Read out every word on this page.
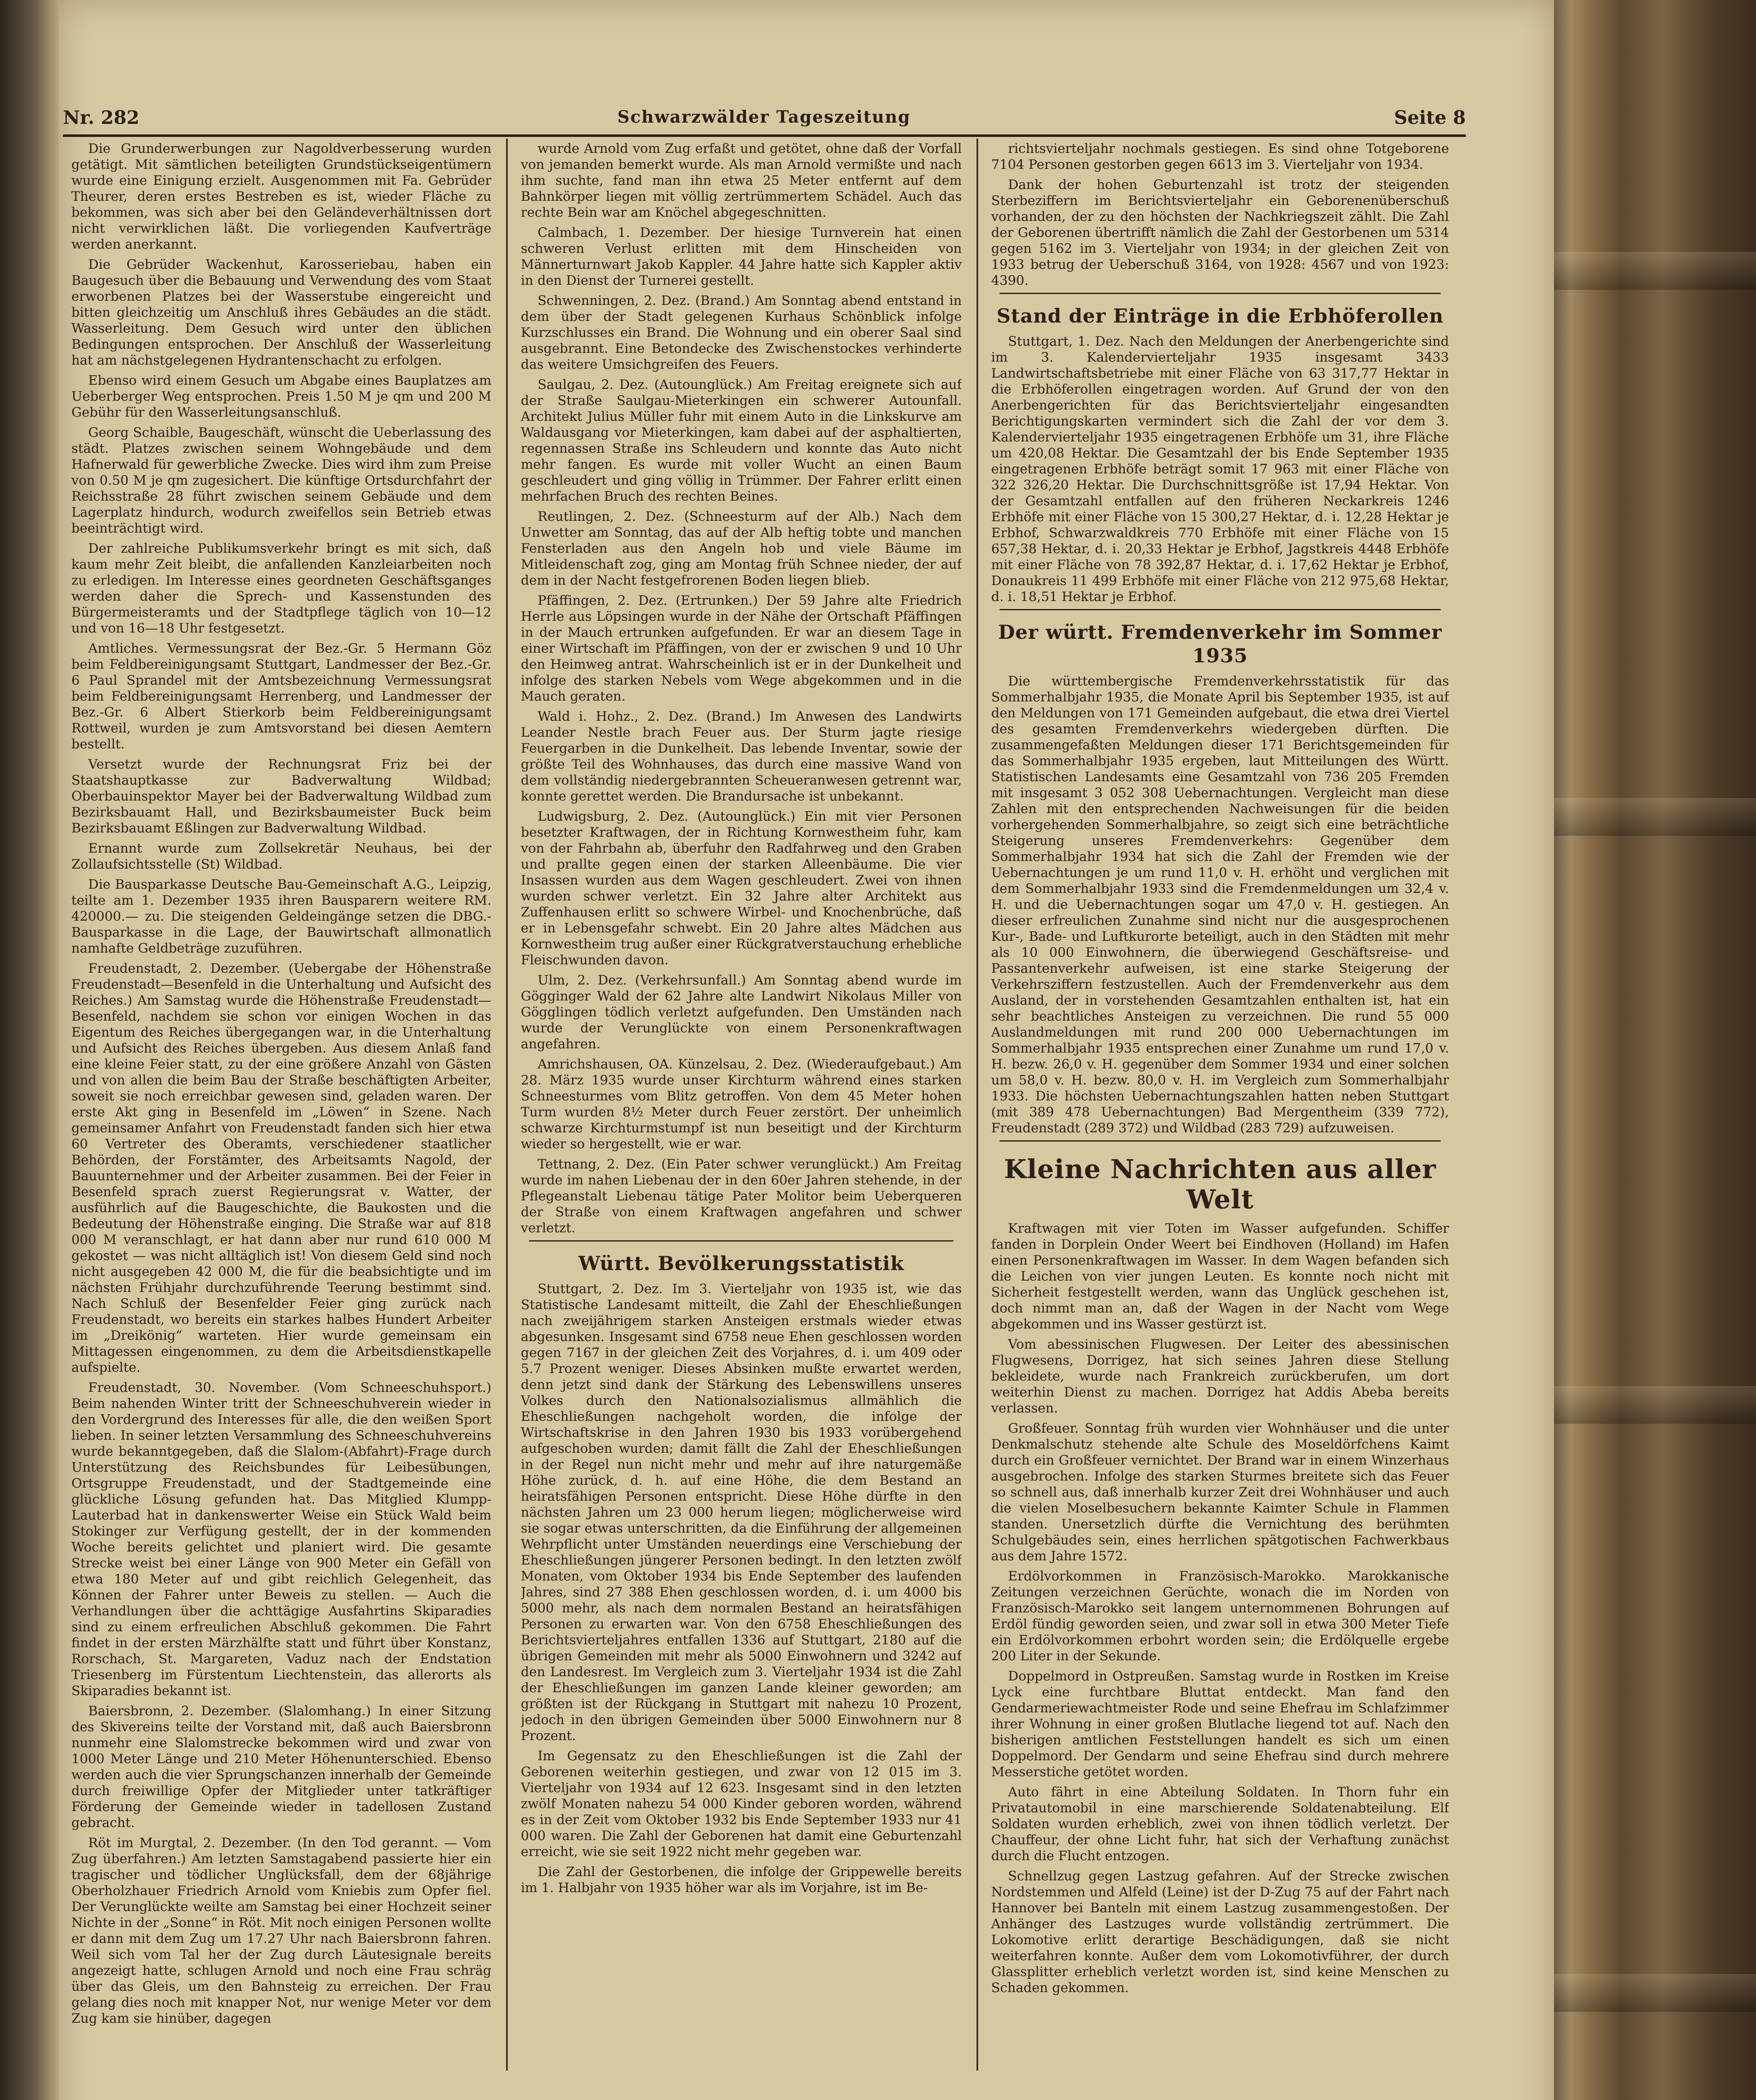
Nr. 282	Schwarzwälder Tageszeitung	Seite 8

Die Grunderwerbungen zur Nagoldverbesserung wurden getätigt. Mit sämtlichen beteiligten Grundstückseigentümern wurde eine Einigung erzielt. Ausgenommen mit Fa. Gebrüder Theurer, deren erstes Bestreben es ist, wieder Fläche zu bekommen, was sich aber bei den Geländeverhältnissen dort nicht verwirklichen läßt. Die vorliegenden Kaufverträge werden anerkannt.

Die Gebrüder Wackenhut, Karosseriebau, haben ein Baugesuch über die Bebauung und Verwendung des vom Staat erworbenen Platzes bei der Wasserstube eingereicht und bitten gleichzeitig um Anschluß ihres Gebäudes an die städt. Wasserleitung. Dem Gesuch wird unter den üblichen Bedingungen entsprochen. Der Anschluß der Wasserleitung hat am nächstgelegenen Hydrantenschacht zu erfolgen.

Ebenso wird einem Gesuch um Abgabe eines Bauplatzes am Ueberberger Weg entsprochen. Preis 1.50 M je qm und 200 M Gebühr für den Wasserleitungsanschluß.

Georg Schaible, Baugeschäft, wünscht die Ueberlassung des städt. Platzes zwischen seinem Wohngebäude und dem Hafnerwald für gewerbliche Zwecke. Dies wird ihm zum Preise von 0.50 M je qm zugesichert. Die künftige Ortsdurchfahrt der Reichsstraße 28 führt zwischen seinem Gebäude und dem Lagerplatz hindurch, wodurch zweifellos sein Betrieb etwas beeinträchtigt wird.

Der zahlreiche Publikumsverkehr bringt es mit sich, daß kaum mehr Zeit bleibt, die anfallenden Kanzleiarbeiten noch zu erledigen. Im Interesse eines geordneten Geschäftsganges werden daher die Sprech- und Kassenstunden des Bürgermeisteramts und der Stadtpflege täglich von 10—12 und von 16—18 Uhr festgesetzt.

Amtliches. Vermessungsrat der Bez.-Gr. 5 Hermann Göz beim Feldbereinigungsamt Stuttgart, Landmesser der Bez.-Gr. 6 Paul Sprandel mit der Amtsbezeichnung Vermessungsrat beim Feldbereinigungsamt Herrenberg, und Landmesser der Bez.-Gr. 6 Albert Stierkorb beim Feldbereinigungsamt Rottweil, wurden je zum Amtsvorstand bei diesen Aemtern bestellt.

Versetzt wurde der Rechnungsrat Friz bei der Staatshauptkasse zur Badverwaltung Wildbad; Oberbauinspektor Mayer bei der Badverwaltung Wildbad zum Bezirksbauamt Hall, und Bezirksbaumeister Buck beim Bezirksbauamt Eßlingen zur Badverwaltung Wildbad.

Ernannt wurde zum Zollsekretär Neuhaus, bei der Zollaufsichtsstelle (St) Wildbad.

Die Bausparkasse Deutsche Bau-Gemeinschaft A.G., Leipzig, teilte am 1. Dezember 1935 ihren Bausparern weitere RM. 420000.— zu. Die steigenden Geldeingänge setzen die DBG.-Bausparkasse in die Lage, der Bauwirtschaft allmonatlich namhafte Geldbeträge zuzuführen.

Freudenstadt, 2. Dezember. (Uebergabe der Höhenstraße Freudenstadt—Besenfeld in die Unterhaltung und Aufsicht des Reiches.) Am Samstag wurde die Höhenstraße Freudenstadt—Besenfeld, nachdem sie schon vor einigen Wochen in das Eigentum des Reiches übergegangen war, in die Unterhaltung und Aufsicht des Reiches übergeben. Aus diesem Anlaß fand eine kleine Feier statt, zu der eine größere Anzahl von Gästen und von allen die beim Bau der Straße beschäftigten Arbeiter, soweit sie noch erreichbar gewesen sind, geladen waren. Der erste Akt ging in Besenfeld im „Löwen“ in Szene. Nach gemeinsamer Anfahrt von Freudenstadt fanden sich hier etwa 60 Vertreter des Oberamts, verschiedener staatlicher Behörden, der Forstämter, des Arbeitsamts Nagold, der Bauunternehmer und der Arbeiter zusammen. Bei der Feier in Besenfeld sprach zuerst Regierungsrat v. Watter, der ausführlich auf die Baugeschichte, die Baukosten und die Bedeutung der Höhenstraße einging. Die Straße war auf 818 000 M veranschlagt, er hat dann aber nur rund 610 000 M gekostet — was nicht alltäglich ist! Von diesem Geld sind noch nicht ausgegeben 42 000 M, die für die beabsichtigte und im nächsten Frühjahr durchzuführende Teerung bestimmt sind. Nach Schluß der Besenfelder Feier ging zurück nach Freudenstadt, wo bereits ein starkes halbes Hundert Arbeiter im „Dreikönig“ warteten. Hier wurde gemeinsam ein Mittagessen eingenommen, zu dem die Arbeitsdienstkapelle aufspielte.

Freudenstadt, 30. November. (Vom Schneeschuhsport.) Beim nahenden Winter tritt der Schneeschuhverein wieder in den Vordergrund des Interesses für alle, die den weißen Sport lieben. In seiner letzten Versammlung des Schneeschuhvereins wurde bekanntgegeben, daß die Slalom-(Abfahrt)-Frage durch Unterstützung des Reichsbundes für Leibesübungen, Ortsgruppe Freudenstadt, und der Stadtgemeinde eine glückliche Lösung gefunden hat. Das Mitglied Klumpp-Lauterbad hat in dankenswerter Weise ein Stück Wald beim Stokinger zur Verfügung gestellt, der in der kommenden Woche bereits gelichtet und planiert wird. Die gesamte Strecke weist bei einer Länge von 900 Meter ein Gefäll von etwa 180 Meter auf und gibt reichlich Gelegenheit, das Können der Fahrer unter Beweis zu stellen. — Auch die Verhandlungen über die achttägige Ausfahrtins Skiparadies sind zu einem erfreulichen Abschluß gekommen. Die Fahrt findet in der ersten Märzhälfte statt und führt über Konstanz, Rorschach, St. Margareten, Vaduz nach der Endstation Triesenberg im Fürstentum Liechtenstein, das allerorts als Skiparadies bekannt ist.

Baiersbronn, 2. Dezember. (Slalomhang.) In einer Sitzung des Skivereins teilte der Vorstand mit, daß auch Baiersbronn nunmehr eine Slalomstrecke bekommen wird und zwar von 1000 Meter Länge und 210 Meter Höhenunterschied. Ebenso werden auch die vier Sprungschanzen innerhalb der Gemeinde durch freiwillige Opfer der Mitglieder unter tatkräftiger Förderung der Gemeinde wieder in tadellosen Zustand gebracht.

Röt im Murgtal, 2. Dezember. (In den Tod gerannt. — Vom Zug überfahren.) Am letzten Samstagabend passierte hier ein tragischer und tödlicher Unglücksfall, dem der 68jährige Oberholzhauer Friedrich Arnold vom Kniebis zum Opfer fiel. Der Verunglückte weilte am Samstag bei einer Hochzeit seiner Nichte in der „Sonne“ in Röt. Mit noch einigen Personen wollte er dann mit dem Zug um 17.27 Uhr nach Baiersbronn fahren. Weil sich vom Tal her der Zug durch Läutesignale bereits angezeigt hatte, schlugen Arnold und noch eine Frau schräg über das Gleis, um den Bahnsteig zu erreichen. Der Frau gelang dies noch mit knapper Not, nur wenige Meter vor dem Zug kam sie hinüber, dagegen

wurde Arnold vom Zug erfaßt und getötet, ohne daß der Vorfall von jemanden bemerkt wurde. Als man Arnold vermißte und nach ihm suchte, fand man ihn etwa 25 Meter entfernt auf dem Bahnkörper liegen mit völlig zertrümmertem Schädel. Auch das rechte Bein war am Knöchel abgegeschnitten.

Calmbach, 1. Dezember. Der hiesige Turnverein hat einen schweren Verlust erlitten mit dem Hinscheiden von Männerturnwart Jakob Kappler. 44 Jahre hatte sich Kappler aktiv in den Dienst der Turnerei gestellt.

Schwenningen, 2. Dez. (Brand.) Am Sonntag abend entstand in dem über der Stadt gelegenen Kurhaus Schönblick infolge Kurzschlusses ein Brand. Die Wohnung und ein oberer Saal sind ausgebrannt. Eine Betondecke des Zwischenstockes verhinderte das weitere Umsichgreifen des Feuers.

Saulgau, 2. Dez. (Autounglück.) Am Freitag ereignete sich auf der Straße Saulgau-Mieterkingen ein schwerer Autounfall. Architekt Julius Müller fuhr mit einem Auto in die Linkskurve am Waldausgang vor Mieterkingen, kam dabei auf der asphaltierten, regennassen Straße ins Schleudern und konnte das Auto nicht mehr fangen. Es wurde mit voller Wucht an einen Baum geschleudert und ging völlig in Trümmer. Der Fahrer erlitt einen mehrfachen Bruch des rechten Beines.

Reutlingen, 2. Dez. (Schneesturm auf der Alb.) Nach dem Unwetter am Sonntag, das auf der Alb heftig tobte und manchen Fensterladen aus den Angeln hob und viele Bäume im Mitleidenschaft zog, ging am Montag früh Schnee nieder, der auf dem in der Nacht festgefrorenen Boden liegen blieb.

Pfäffingen, 2. Dez. (Ertrunken.) Der 59 Jahre alte Friedrich Herrle aus Löpsingen wurde in der Nähe der Ortschaft Pfäffingen in der Mauch ertrunken aufgefunden. Er war an diesem Tage in einer Wirtschaft im Pfäffingen, von der er zwischen 9 und 10 Uhr den Heimweg antrat. Wahrscheinlich ist er in der Dunkelheit und infolge des starken Nebels vom Wege abgekommen und in die Mauch geraten.

Wald i. Hohz., 2. Dez. (Brand.) Im Anwesen des Landwirts Leander Nestle brach Feuer aus. Der Sturm jagte riesige Feuergarben in die Dunkelheit. Das lebende Inventar, sowie der größte Teil des Wohnhauses, das durch eine massive Wand von dem vollständig niedergebrannten Scheueranwesen getrennt war, konnte gerettet werden. Die Brandursache ist unbekannt.

Ludwigsburg, 2. Dez. (Autounglück.) Ein mit vier Personen besetzter Kraftwagen, der in Richtung Kornwestheim fuhr, kam von der Fahrbahn ab, überfuhr den Radfahrweg und den Graben und prallte gegen einen der starken Alleenbäume. Die vier Insassen wurden aus dem Wagen geschleudert. Zwei von ihnen wurden schwer verletzt. Ein 32 Jahre alter Architekt aus Zuffenhausen erlitt so schwere Wirbel- und Knochenbrüche, daß er in Lebensgefahr schwebt. Ein 20 Jahre altes Mädchen aus Kornwestheim trug außer einer Rückgratverstauchung erhebliche Fleischwunden davon.

Ulm, 2. Dez. (Verkehrsunfall.) Am Sonntag abend wurde im Gögginger Wald der 62 Jahre alte Landwirt Nikolaus Miller von Gögglingen tödlich verletzt aufgefunden. Den Umständen nach wurde der Verunglückte von einem Personenkraftwagen angefahren.

Amrichshausen, OA. Künzelsau, 2. Dez. (Wiederaufgebaut.) Am 28. März 1935 wurde unser Kirchturm während eines starken Schneesturmes vom Blitz getroffen. Von dem 45 Meter hohen Turm wurden 8½ Meter durch Feuer zerstört. Der unheimlich schwarze Kirchturmstumpf ist nun beseitigt und der Kirchturm wieder so hergestellt, wie er war.

Tettnang, 2. Dez. (Ein Pater schwer verunglückt.) Am Freitag wurde im nahen Liebenau der in den 60er Jahren stehende, in der Pflegeanstalt Liebenau tätige Pater Molitor beim Ueberqueren der Straße von einem Kraftwagen angefahren und schwer verletzt.

Württ. Bevölkerungsstatistik

Stuttgart, 2. Dez. Im 3. Vierteljahr von 1935 ist, wie das Statistische Landesamt mitteilt, die Zahl der Eheschließungen nach zweijährigem starken Ansteigen erstmals wieder etwas abgesunken. Insgesamt sind 6758 neue Ehen geschlossen worden gegen 7167 in der gleichen Zeit des Vorjahres, d. i. um 409 oder 5.7 Prozent weniger. Dieses Absinken mußte erwartet werden, denn jetzt sind dank der Stärkung des Lebenswillens unseres Volkes durch den Nationalsozialismus allmählich die Eheschließungen nachgeholt worden, die infolge der Wirtschaftskrise in den Jahren 1930 bis 1933 vorübergehend aufgeschoben wurden; damit fällt die Zahl der Eheschließungen in der Regel nun nicht mehr und mehr auf ihre naturgemäße Höhe zurück, d. h. auf eine Höhe, die dem Bestand an heiratsfähigen Personen entspricht. Diese Höhe dürfte in den nächsten Jahren um 23 000 herum liegen; möglicherweise wird sie sogar etwas unterschritten, da die Einführung der allgemeinen Wehrpflicht unter Umständen neuerdings eine Verschiebung der Eheschließungen jüngerer Personen bedingt. In den letzten zwölf Monaten, vom Oktober 1934 bis Ende September des laufenden Jahres, sind 27 388 Ehen geschlossen worden, d. i. um 4000 bis 5000 mehr, als nach dem normalen Bestand an heiratsfähigen Personen zu erwarten war. Von den 6758 Eheschließungen des Berichtsvierteljahres entfallen 1336 auf Stuttgart, 2180 auf die übrigen Gemeinden mit mehr als 5000 Einwohnern und 3242 auf den Landesrest. Im Vergleich zum 3. Vierteljahr 1934 ist die Zahl der Eheschließungen im ganzen Lande kleiner geworden; am größten ist der Rückgang in Stuttgart mit nahezu 10 Prozent, jedoch in den übrigen Gemeinden über 5000 Einwohnern nur 8 Prozent.

Im Gegensatz zu den Eheschließungen ist die Zahl der Geborenen weiterhin gestiegen, und zwar von 12 015 im 3. Vierteljahr von 1934 auf 12 623. Insgesamt sind in den letzten zwölf Monaten nahezu 54 000 Kinder geboren worden, während es in der Zeit vom Oktober 1932 bis Ende September 1933 nur 41 000 waren. Die Zahl der Geborenen hat damit eine Geburtenzahl erreicht, wie sie seit 1922 nicht mehr gegeben war.

Die Zahl der Gestorbenen, die infolge der Grippewelle bereits im 1. Halbjahr von 1935 höher war als im Vorjahre, ist im Be-

richtsvierteljahr nochmals gestiegen. Es sind ohne Totgeborene 7104 Personen gestorben gegen 6613 im 3. Vierteljahr von 1934.

Dank der hohen Geburtenzahl ist trotz der steigenden Sterbeziffern im Berichtsvierteljahr ein Geborenenüberschuß vorhanden, der zu den höchsten der Nachkriegszeit zählt. Die Zahl der Geborenen übertrifft nämlich die Zahl der Gestorbenen um 5314 gegen 5162 im 3. Vierteljahr von 1934; in der gleichen Zeit von 1933 betrug der Ueberschuß 3164, von 1928: 4567 und von 1923: 4390.

Stand der Einträge in die Erbhöferollen

Stuttgart, 1. Dez. Nach den Meldungen der Anerbengerichte sind im 3. Kalendervierteljahr 1935 insgesamt 3433 Landwirtschaftsbetriebe mit einer Fläche von 63 317,77 Hektar in die Erbhöferollen eingetragen worden. Auf Grund der von den Anerbengerichten für das Berichtsvierteljahr eingesandten Berichtigungskarten vermindert sich die Zahl der vor dem 3. Kalendervierteljahr 1935 eingetragenen Erbhöfe um 31, ihre Fläche um 420,08 Hektar. Die Gesamtzahl der bis Ende September 1935 eingetragenen Erbhöfe beträgt somit 17 963 mit einer Fläche von 322 326,20 Hektar. Die Durchschnittsgröße ist 17,94 Hektar. Von der Gesamtzahl entfallen auf den früheren Neckarkreis 1246 Erbhöfe mit einer Fläche von 15 300,27 Hektar, d. i. 12,28 Hektar je Erbhof, Schwarzwaldkreis 770 Erbhöfe mit einer Fläche von 15 657,38 Hektar, d. i. 20,33 Hektar je Erbhof, Jagstkreis 4448 Erbhöfe mit einer Fläche von 78 392,87 Hektar, d. i. 17,62 Hektar je Erbhof, Donaukreis 11 499 Erbhöfe mit einer Fläche von 212 975,68 Hektar, d. i. 18,51 Hektar je Erbhof.

Der württ. Fremdenverkehr im Sommer 1935

Die württembergische Fremdenverkehrsstatistik für das Sommerhalbjahr 1935, die Monate April bis September 1935, ist auf den Meldungen von 171 Gemeinden aufgebaut, die etwa drei Viertel des gesamten Fremdenverkehrs wiedergeben dürften. Die zusammengefaßten Meldungen dieser 171 Berichtsgemeinden für das Sommerhalbjahr 1935 ergeben, laut Mitteilungen des Württ. Statistischen Landesamts eine Gesamtzahl von 736 205 Fremden mit insgesamt 3 052 308 Uebernachtungen. Vergleicht man diese Zahlen mit den entsprechenden Nachweisungen für die beiden vorhergehenden Sommerhalbjahre, so zeigt sich eine beträchtliche Steigerung unseres Fremdenverkehrs: Gegenüber dem Sommerhalbjahr 1934 hat sich die Zahl der Fremden wie der Uebernachtungen je um rund 11,0 v. H. erhöht und verglichen mit dem Sommerhalbjahr 1933 sind die Fremdenmeldungen um 32,4 v. H. und die Uebernachtungen sogar um 47,0 v. H. gestiegen. An dieser erfreulichen Zunahme sind nicht nur die ausgesprochenen Kur-, Bade- und Luftkurorte beteiligt, auch in den Städten mit mehr als 10 000 Einwohnern, die überwiegend Geschäftsreise- und Passantenverkehr aufweisen, ist eine starke Steigerung der Verkehrsziffern festzustellen. Auch der Fremdenverkehr aus dem Ausland, der in vorstehenden Gesamtzahlen enthalten ist, hat ein sehr beachtliches Ansteigen zu verzeichnen. Die rund 55 000 Auslandmeldungen mit rund 200 000 Uebernachtungen im Sommerhalbjahr 1935 entsprechen einer Zunahme um rund 17,0 v. H. bezw. 26,0 v. H. gegenüber dem Sommer 1934 und einer solchen um 58,0 v. H. bezw. 80,0 v. H. im Vergleich zum Sommerhalbjahr 1933. Die höchsten Uebernachtungszahlen hatten neben Stuttgart (mit 389 478 Uebernachtungen) Bad Mergentheim (339 772), Freudenstadt (289 372) und Wildbad (283 729) aufzuweisen.

Kleine Nachrichten aus aller Welt

Kraftwagen mit vier Toten im Wasser aufgefunden. Schiffer fanden in Dorplein Onder Weert bei Eindhoven (Holland) im Hafen einen Personenkraftwagen im Wasser. In dem Wagen befanden sich die Leichen von vier jungen Leuten. Es konnte noch nicht mit Sicherheit festgestellt werden, wann das Unglück geschehen ist, doch nimmt man an, daß der Wagen in der Nacht vom Wege abgekommen und ins Wasser gestürzt ist.

Vom abessinischen Flugwesen. Der Leiter des abessinischen Flugwesens, Dorrigez, hat sich seines Jahren diese Stellung bekleidete, wurde nach Frankreich zurückberufen, um dort weiterhin Dienst zu machen. Dorrigez hat Addis Abeba bereits verlassen.

Großfeuer. Sonntag früh wurden vier Wohnhäuser und die unter Denkmalschutz stehende alte Schule des Moseldörfchens Kaimt durch ein Großfeuer vernichtet. Der Brand war in einem Winzerhaus ausgebrochen. Infolge des starken Sturmes breitete sich das Feuer so schnell aus, daß innerhalb kurzer Zeit drei Wohnhäuser und auch die vielen Moselbesuchern bekannte Kaimter Schule in Flammen standen. Unersetzlich dürfte die Vernichtung des berühmten Schulgebäudes sein, eines herrlichen spätgotischen Fachwerkbaus aus dem Jahre 1572.

Erdölvorkommen in Französisch-Marokko. Marokkanische Zeitungen verzeichnen Gerüchte, wonach die im Norden von Französisch-Marokko seit langem unternommenen Bohrungen auf Erdöl fündig geworden seien, und zwar soll in etwa 300 Meter Tiefe ein Erdölvorkommen erbohrt worden sein; die Erdölquelle ergebe 200 Liter in der Sekunde.

Doppelmord in Ostpreußen. Samstag wurde in Rostken im Kreise Lyck eine furchtbare Bluttat entdeckt. Man fand den Gendarmeriewachtmeister Rode und seine Ehefrau im Schlafzimmer ihrer Wohnung in einer großen Blutlache liegend tot auf. Nach den bisherigen amtlichen Feststellungen handelt es sich um einen Doppelmord. Der Gendarm und seine Ehefrau sind durch mehrere Messerstiche getötet worden.

Auto fährt in eine Abteilung Soldaten. In Thorn fuhr ein Privatautomobil in eine marschierende Soldatenabteilung. Elf Soldaten wurden erheblich, zwei von ihnen tödlich verletzt. Der Chauffeur, der ohne Licht fuhr, hat sich der Verhaftung zunächst durch die Flucht entzogen.

Schnellzug gegen Lastzug gefahren. Auf der Strecke zwischen Nordstemmen und Alfeld (Leine) ist der D-Zug 75 auf der Fahrt nach Hannover bei Banteln mit einem Lastzug zusammengestoßen. Der Anhänger des Lastzuges wurde vollständig zertrümmert. Die Lokomotive erlitt derartige Beschädigungen, daß sie nicht weiterfahren konnte. Außer dem vom Lokomotivführer, der durch Glassplitter erheblich verletzt worden ist, sind keine Menschen zu Schaden gekommen.
